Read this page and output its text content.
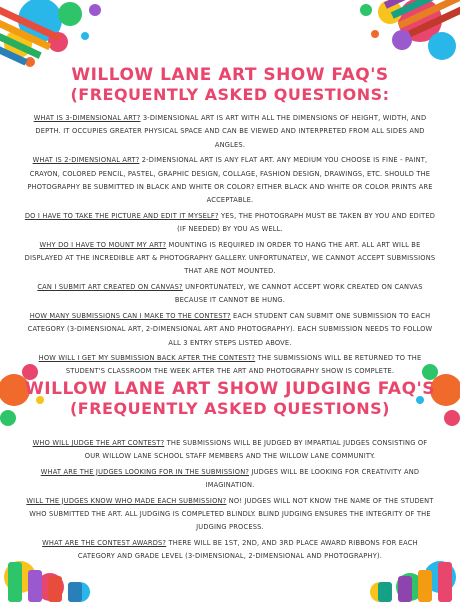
WILLOW LANE ART SHOW FAQ'S
(FREQUENTLY ASKED QUESTIONS:

WHAT IS 3-DIMENSIONAL ART? 3-DIMENSIONAL ART IS ART WITH ALL THE DIMENSIONS OF HEIGHT, WIDTH, AND DEPTH. IT OCCUPIES GREATER PHYSICAL SPACE AND CAN BE VIEWED AND INTERPRETED FROM ALL SIDES AND ANGLES.

WHAT IS 2-DIMENSIONAL ART? 2-DIMENSIONAL ART IS ANY FLAT ART. ANY MEDIUM YOU CHOOSE IS FINE - PAINT, CRAYON, COLORED PENCIL, PASTEL, GRAPHIC DESIGN, COLLAGE, FASHION DESIGN, DRAWINGS, ETC. SHOULD THE PHOTOGRAPHY BE SUBMITTED IN BLACK AND WHITE OR COLOR? EITHER BLACK AND WHITE OR COLOR PRINTS ARE ACCEPTABLE.

DO I HAVE TO TAKE THE PICTURE AND EDIT IT MYSELF? YES, THE PHOTOGRAPH MUST BE TAKEN BY YOU AND EDITED (IF NEEDED) BY YOU AS WELL.

WHY DO I HAVE TO MOUNT MY ART? MOUNTING IS REQUIRED IN ORDER TO HANG THE ART. ALL ART WILL BE DISPLAYED AT THE INCREDIBLE ART & PHOTOGRAPHY GALLERY. UNFORTUNATELY, WE CANNOT ACCEPT SUBMISSIONS THAT ARE NOT MOUNTED.

CAN I SUBMIT ART CREATED ON CANVAS? UNFORTUNATELY, WE CANNOT ACCEPT WORK CREATED ON CANVAS BECAUSE IT CANNOT BE HUNG.

HOW MANY SUBMISSIONS CAN I MAKE TO THE CONTEST? EACH STUDENT CAN SUBMIT ONE SUBMISSION TO EACH CATEGORY (3-DIMENSIONAL ART, 2-DIMENSIONAL ART AND PHOTOGRAPHY). EACH SUBMISSION NEEDS TO FOLLOW ALL 3 ENTRY STEPS LISTED ABOVE.

HOW WILL I GET MY SUBMISSION BACK AFTER THE CONTEST? THE SUBMISSIONS WILL BE RETURNED TO THE STUDENT'S CLASSROOM THE WEEK AFTER THE ART AND PHOTOGRAPHY SHOW IS COMPLETE.

WILLOW LANE ART SHOW JUDGING FAQ'S
(FREQUENTLY ASKED QUESTIONS)

WHO WILL JUDGE THE ART CONTEST? THE SUBMISSIONS WILL BE JUDGED BY IMPARTIAL JUDGES CONSISTING OF OUR WILLOW LANE SCHOOL STAFF MEMBERS AND THE WILLOW LANE COMMUNITY.

WHAT ARE THE JUDGES LOOKING FOR IN THE SUBMISSION? JUDGES WILL BE LOOKING FOR CREATIVITY AND IMAGINATION.

WILL THE JUDGES KNOW WHO MADE EACH SUBMISSION? NO! JUDGES WILL NOT KNOW THE NAME OF THE STUDENT WHO SUBMITTED THE ART. ALL JUDGING IS COMPLETED BLINDLY. BLIND JUDGING ENSURES THE INTEGRITY OF THE JUDGING PROCESS.

WHAT ARE THE CONTEST AWARDS? THERE WILL BE 1ST, 2ND, AND 3RD PLACE AWARD RIBBONS FOR EACH CATEGORY AND GRADE LEVEL (3-DIMENSIONAL, 2-DIMENSIONAL AND PHOTOGRAPHY).
